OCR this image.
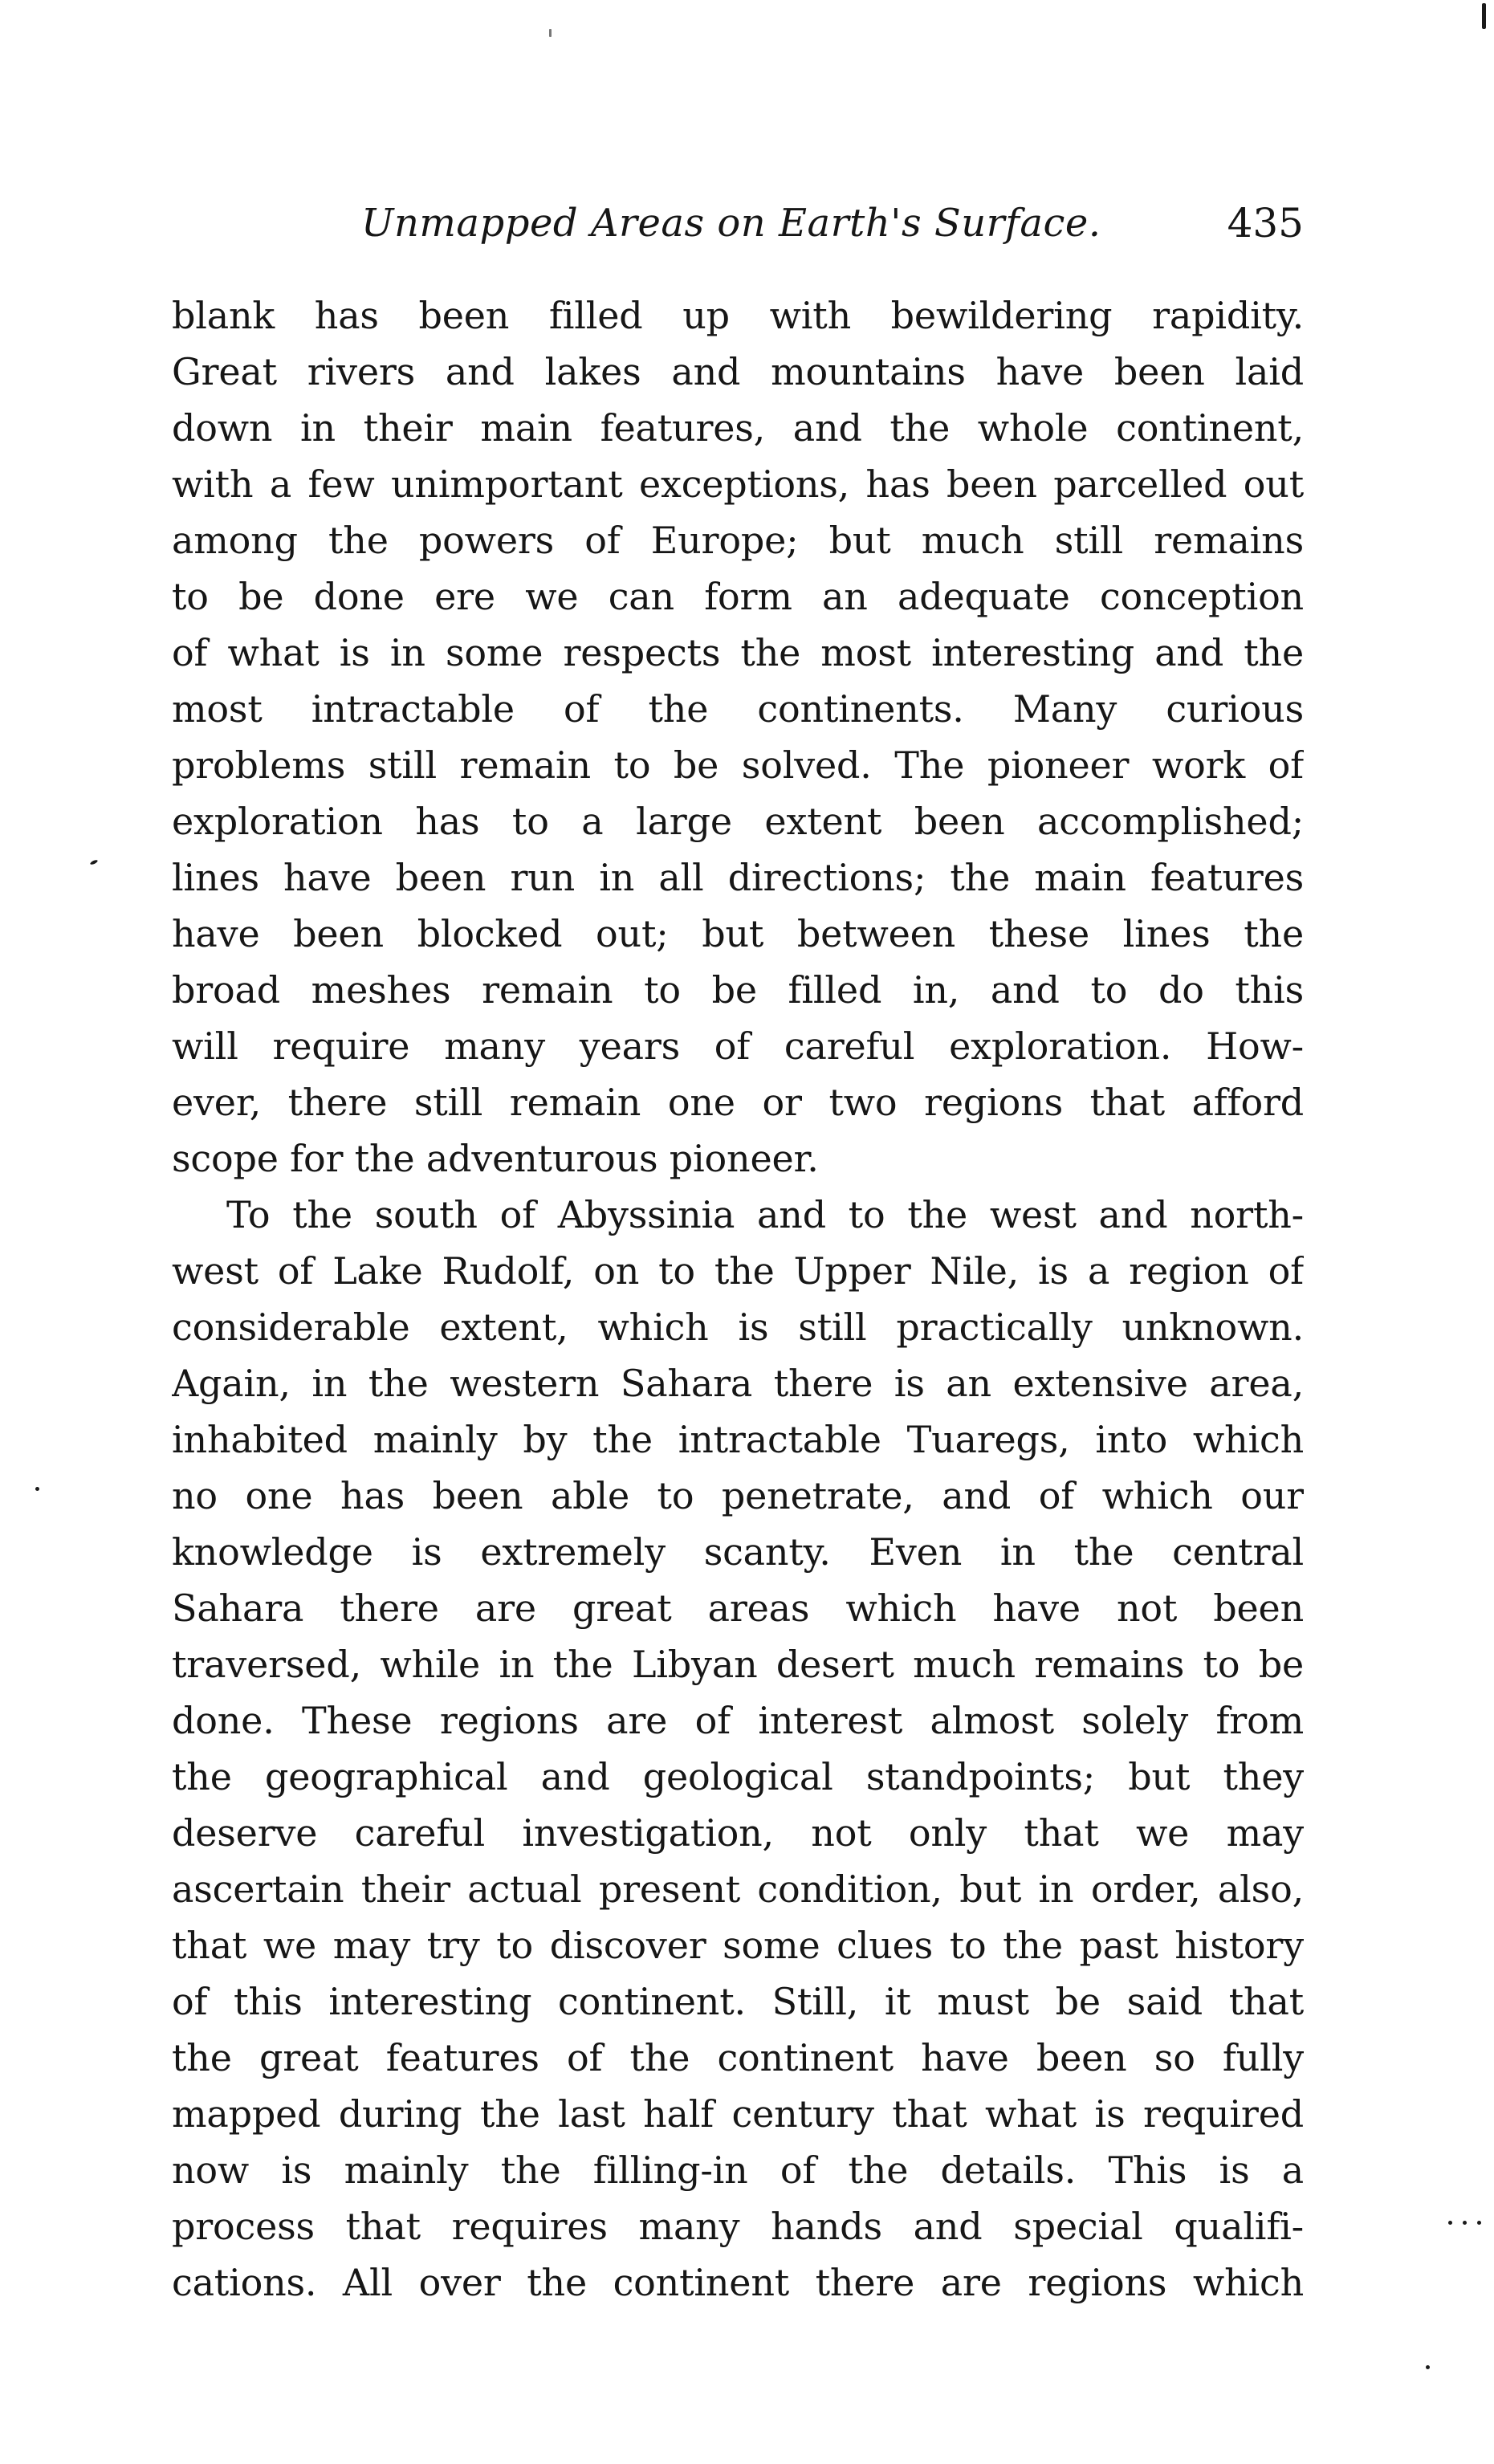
Unmapped Areas on Earth's Surface.	435
blank has been filled up with bewildering rapidity.
Great rivers and lakes and mountains have been laid
down in their main features, and the whole continent,
with a few unimportant exceptions, has been parcelled out
among the powers of Europe; but much still remains
to be done ere we can form an adequate conception
of what is in some respects the most interesting and the
most intractable of the continents. Many curious
problems still remain to be solved. The pioneer work of
exploration has to a large extent been accomplished;
lines have been run in all directions; the main features
have been blocked out; but between these lines the
broad meshes remain to be filled in, and to do this
will require many years of careful exploration. How-
ever, there still remain one or two regions that afford
scope for the adventurous pioneer.
To the south of Abyssinia and to the west and north-
west of Lake Rudolf, on to the Upper Nile, is a region of
considerable extent, which is still practically unknown.
Again, in the western Sahara there is an extensive area,
inhabited mainly by the intractable Tuaregs, into which
no one has been able to penetrate, and of which our
knowledge is extremely scanty. Even in the central
Sahara there are great areas which have not been
traversed, while in the Libyan desert much remains to be
done. These regions are of interest almost solely from
the geographical and geological standpoints; but they
deserve careful investigation, not only that we may
ascertain their actual present condition, but in order, also,
that we may try to discover some clues to the past history
of this interesting continent. Still, it must be said that
the great features of the continent have been so fully
mapped during the last half century that what is required
now is mainly the filling-in of the details. This is a
process that requires many hands and special qualifi-
cations. All over the continent there are regions which
